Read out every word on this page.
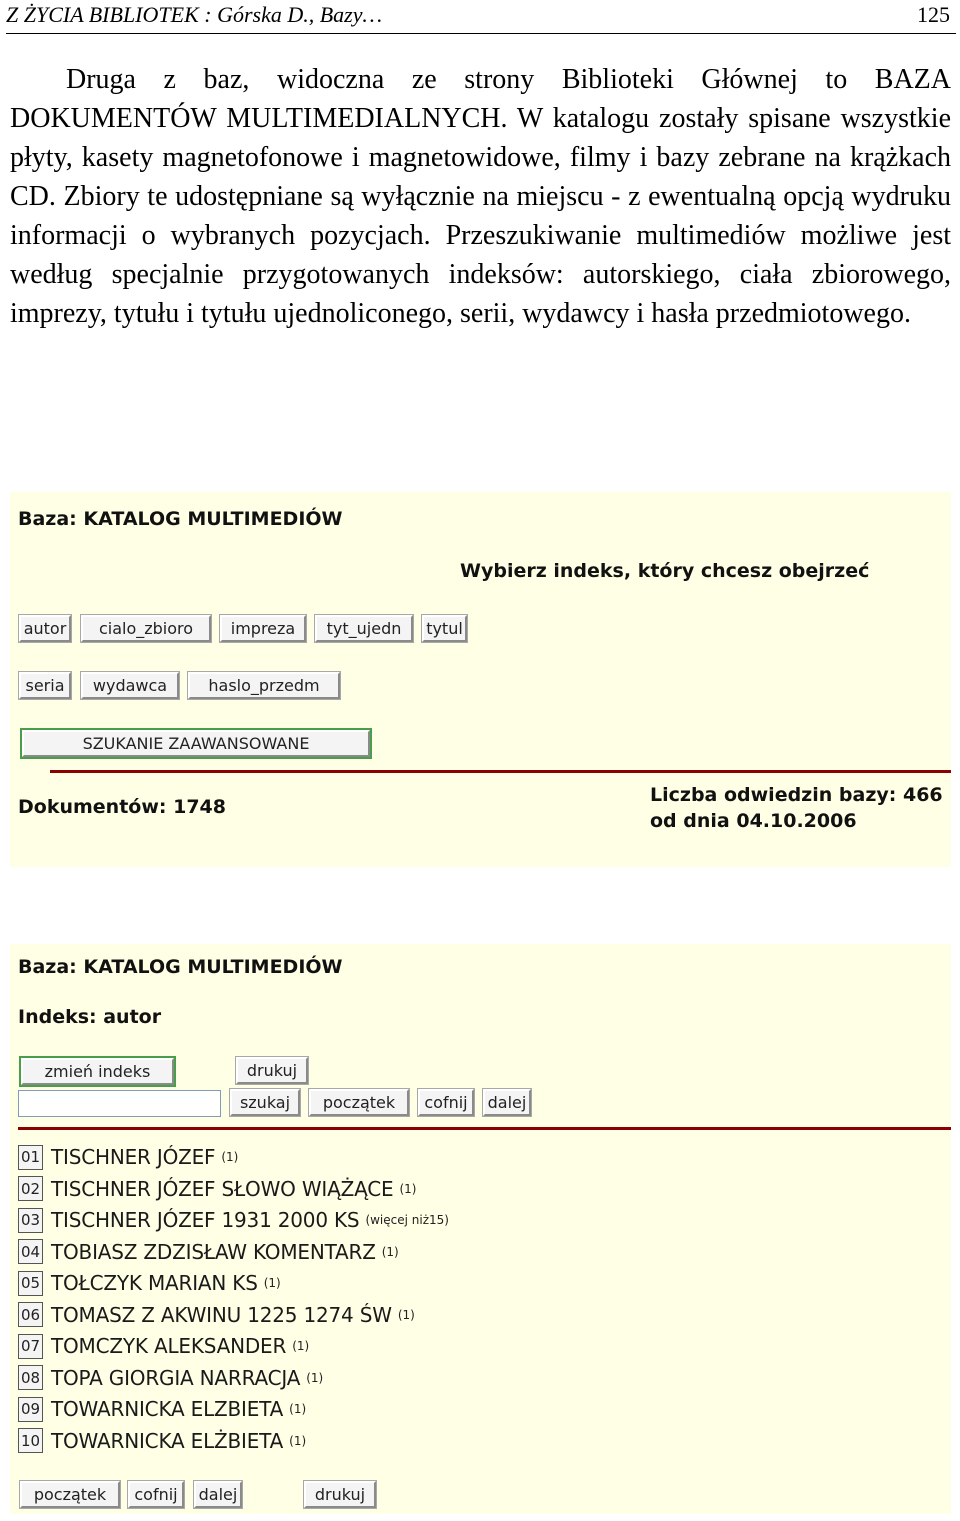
Z ŻYCIA BIBLIOTEK : Górska D., Bazy…	125
Druga z baz, widoczna ze strony Biblioteki Głównej to BAZA DOKUMENTÓW MULTIMEDIALNYCH. W katalogu zostały spisane wszystkie płyty, kasety magnetofonowe i magnetowidowe, filmy i bazy zebrane na krążkach CD. Zbiory te udostępniane są wyłącznie na miejscu - z ewentualną opcją wydruku informacji o wybranych pozycjach. Przeszukiwanie multimediów możliwe jest według specjalnie przygotowanych indeksów: autorskiego, ciała zbiorowego, imprezy, tytułu i tytułu ujednoliconego, serii, wydawcy i hasła przedmiotowego.
Baza: KATALOG MULTIMEDIÓW
Wybierz indeks, który chcesz obejrzeć
autor	cialo_zbioro	impreza	tyt_ujedn	tytul
seria	wydawca	haslo_przedm
SZUKANIE ZAAWANSOWANE
Dokumentów: 1748
Liczba odwiedzin bazy: 466
od dnia 04.10.2006
Baza: KATALOG MULTIMEDIÓW
Indeks: autor
zmień indeks	drukuj
szukaj	początek	cofnij	dalej
01 TISCHNER JÓZEF (1)
02 TISCHNER JÓZEF SŁOWO WIĄŻĄCE (1)
03 TISCHNER JÓZEF 1931 2000 KS (więcej niż15)
04 TOBIASZ ZDZISŁAW KOMENTARZ (1)
05 TOŁCZYK MARIAN KS (1)
06 TOMASZ Z AKWINU 1225 1274 ŚW (1)
07 TOMCZYK ALEKSANDER (1)
08 TOPA GIORGIA NARRACJA (1)
09 TOWARNICKA ELZBIETA (1)
10 TOWARNICKA ELŻBIETA (1)
początek	cofnij	dalej	drukuj
